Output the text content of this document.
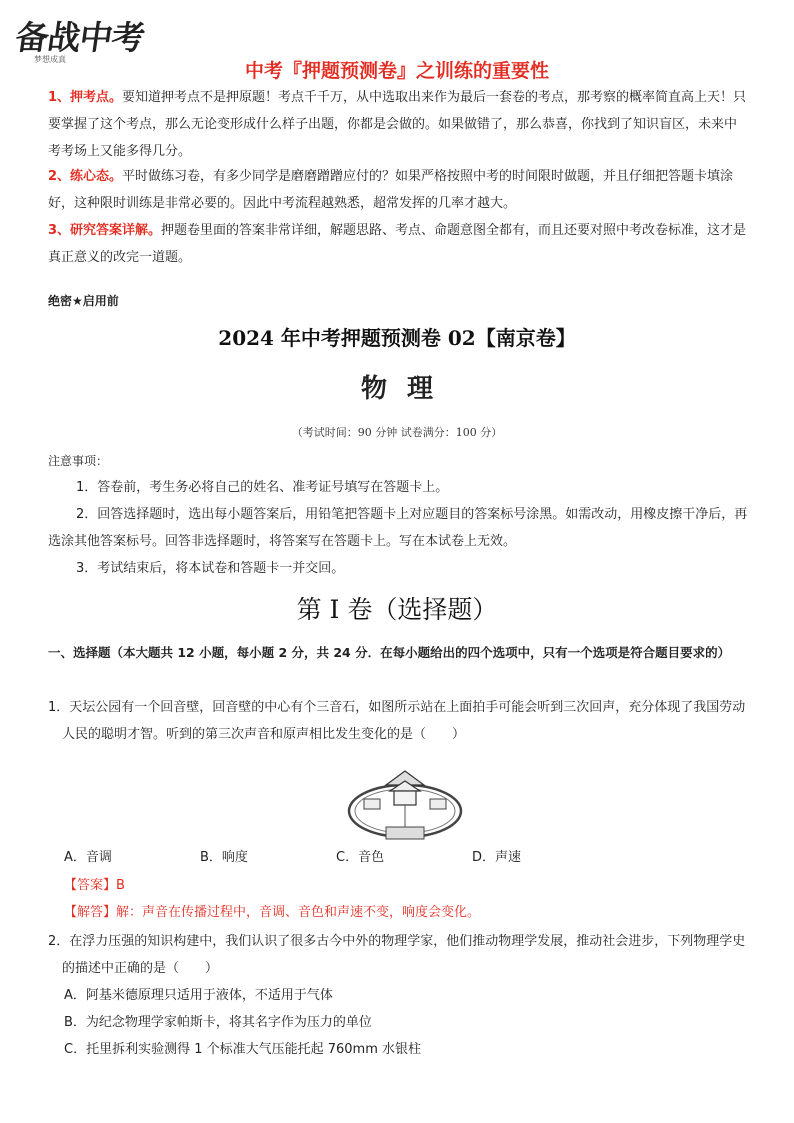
备战中考
梦想成真
中考『押题预测卷』之训练的重要性
1、押考点。要知道押考点不是押原题！考点千千万，从中选取出来作为最后一套卷的考点，那考察的概率简直高上天！只要掌握了这个考点，那么无论变形成什么样子出题，你都是会做的。如果做错了，那么恭喜，你找到了知识盲区，未来中考考场上又能多得几分。
2、练心态。平时做练习卷，有多少同学是磨磨蹭蹭应付的？如果严格按照中考的时间限时做题，并且仔细把答题卡填涂好，这种限时训练是非常必要的。因此中考流程越熟悉，超常发挥的几率才越大。
3、研究答案详解。押题卷里面的答案非常详细，解题思路、考点、命题意图全都有，而且还要对照中考改卷标准，这才是真正意义的改完一道题。
绝密★启用前
2024 年中考押题预测卷 02【南京卷】
物理
（考试时间：90 分钟 试卷满分：100 分）
注意事项：
1．答卷前，考生务必将自己的姓名、准考证号填写在答题卡上。
2．回答选择题时，选出每小题答案后，用铅笔把答题卡上对应题目的答案标号涂黑。如需改动，用橡皮擦干净后，再选涂其他答案标号。回答非选择题时，将答案写在答题卡上。写在本试卷上无效。
3．考试结束后，将本试卷和答题卡一并交回。
第 I 卷（选择题）
一、选择题（本大题共 12 小题，每小题 2 分，共 24 分．在每小题给出的四个选项中，只有一个选项是符合题目要求的）
1．天坛公园有一个回音壁，回音壁的中心有个三音石，如图所示站在上面拍手可能会听到三次回声，充分体现了我国劳动人民的聪明才智。听到的第三次声音和原声相比发生变化的是（　　）
A．音调	B．响度	C．音色	D．声速
【答案】B
【解答】解：声音在传播过程中，音调、音色和声速不变，响度会变化。
2．在浮力压强的知识构建中，我们认识了很多古今中外的物理学家，他们推动物理学发展，推动社会进步，下列物理学史的描述中正确的是（　　）
A．阿基米德原理只适用于液体，不适用于气体
B．为纪念物理学家帕斯卡，将其名字作为压力的单位
C．托里拆利实验测得 1 个标准大气压能托起 760mm 水银柱
